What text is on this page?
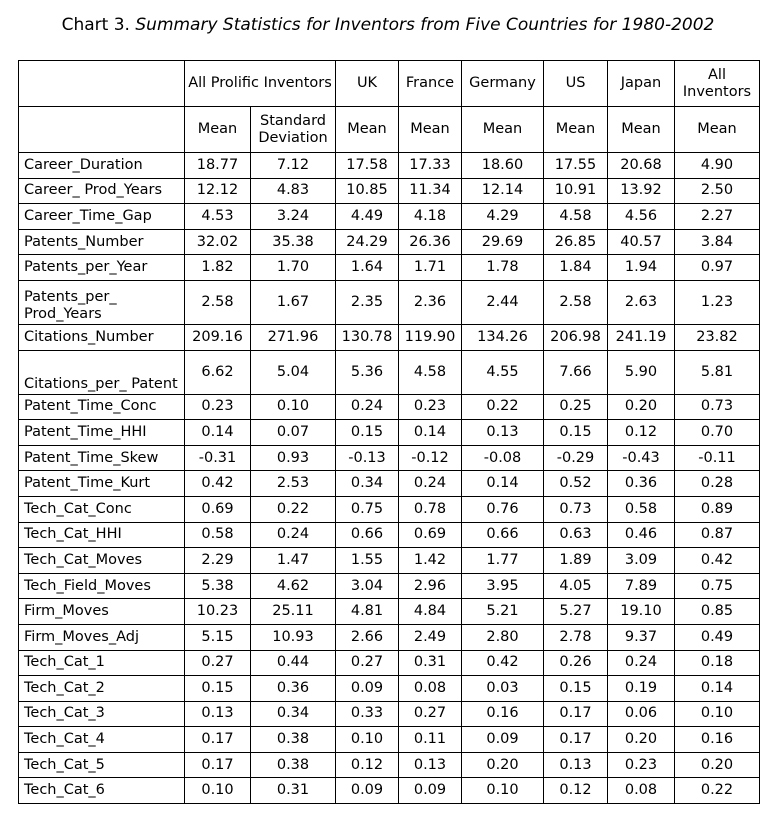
Chart 3. Summary Statistics for Inventors from Five Countries for 1980-2002
	All Prolific Inventors		UK	France	Germany	US	Japan	All Inventors
	Mean	Standard Deviation	Mean	Mean	Mean	Mean	Mean	Mean
Career_Duration	18.77	7.12	17.58	17.33	18.60	17.55	20.68	4.90
Career_ Prod_Years	12.12	4.83	10.85	11.34	12.14	10.91	13.92	2.50
Career_Time_Gap	4.53	3.24	4.49	4.18	4.29	4.58	4.56	2.27
Patents_Number	32.02	35.38	24.29	26.36	29.69	26.85	40.57	3.84
Patents_per_Year	1.82	1.70	1.64	1.71	1.78	1.84	1.94	0.97
Patents_per_ Prod_Years	2.58	1.67	2.35	2.36	2.44	2.58	2.63	1.23
Citations_Number	209.16	271.96	130.78	119.90	134.26	206.98	241.19	23.82
Citations_per_ Patent	6.62	5.04	5.36	4.58	4.55	7.66	5.90	5.81
Patent_Time_Conc	0.23	0.10	0.24	0.23	0.22	0.25	0.20	0.73
Patent_Time_HHI	0.14	0.07	0.15	0.14	0.13	0.15	0.12	0.70
Patent_Time_Skew	-0.31	0.93	-0.13	-0.12	-0.08	-0.29	-0.43	-0.11
Patent_Time_Kurt	0.42	2.53	0.34	0.24	0.14	0.52	0.36	0.28
Tech_Cat_Conc	0.69	0.22	0.75	0.78	0.76	0.73	0.58	0.89
Tech_Cat_HHI	0.58	0.24	0.66	0.69	0.66	0.63	0.46	0.87
Tech_Cat_Moves	2.29	1.47	1.55	1.42	1.77	1.89	3.09	0.42
Tech_Field_Moves	5.38	4.62	3.04	2.96	3.95	4.05	7.89	0.75
Firm_Moves	10.23	25.11	4.81	4.84	5.21	5.27	19.10	0.85
Firm_Moves_Adj	5.15	10.93	2.66	2.49	2.80	2.78	9.37	0.49
Tech_Cat_1	0.27	0.44	0.27	0.31	0.42	0.26	0.24	0.18
Tech_Cat_2	0.15	0.36	0.09	0.08	0.03	0.15	0.19	0.14
Tech_Cat_3	0.13	0.34	0.33	0.27	0.16	0.17	0.06	0.10
Tech_Cat_4	0.17	0.38	0.10	0.11	0.09	0.17	0.20	0.16
Tech_Cat_5	0.17	0.38	0.12	0.13	0.20	0.13	0.23	0.20
Tech_Cat_6	0.10	0.31	0.09	0.09	0.10	0.12	0.08	0.22
